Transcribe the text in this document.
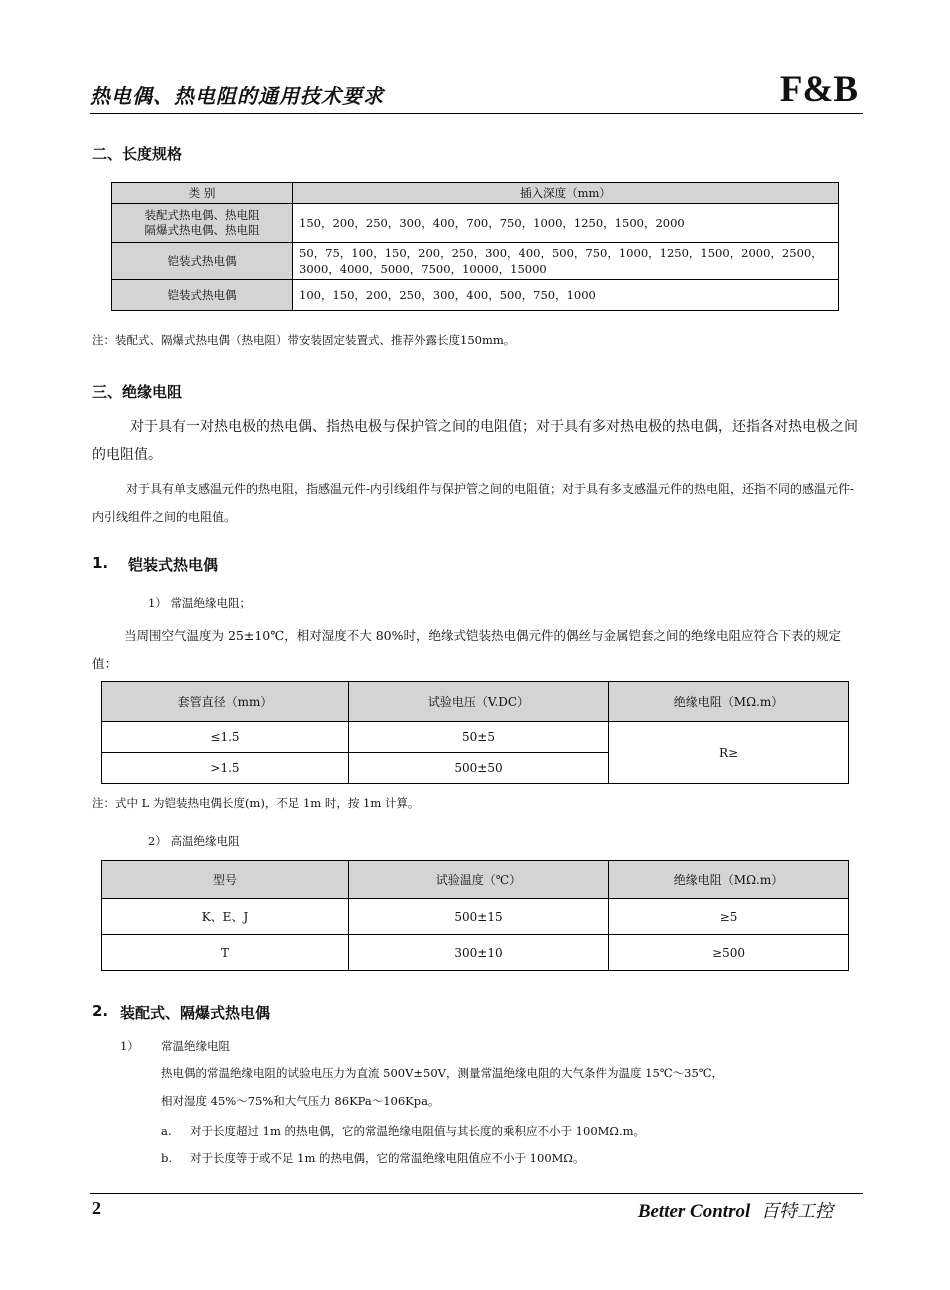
热电偶、热电阻的通用技术要求	F&B
二、长度规格
类 别	插入深度（mm）
装配式热电偶、热电阻
隔爆式热电偶、热电阻	150，200，250，300，400，700，750，1000，1250，1500，2000
铠装式热电偶	50，75，100，150，200，250，300，400，500，750，1000，1250，1500，2000，2500，3000，4000，5000，7500，10000，15000
铠装式热电偶	100，150，200，250，300，400，500，750，1000
注：装配式、隔爆式热电偶（热电阻）带安装固定装置式、推荐外露长度150mm。
三、绝缘电阻
对于具有一对热电极的热电偶、指热电极与保护管之间的电阻值；对于具有多对热电极的热电偶，还指各对热电极之间的电阻值。
对于具有单支感温元件的热电阻，指感温元件-内引线组件与保护管之间的电阻值；对于具有多支感温元件的热电阻，还指不同的感温元件-内引线组件之间的电阻值。
1. 铠装式热电偶
1） 常温绝缘电阻；
当周围空气温度为 25±10℃，相对湿度不大 80%时，绝缘式铠装热电偶元件的偶丝与金属铠套之间的绝缘电阻应符合下表的规定值：
套管直径（mm）	试验电压（V.DC）	绝缘电阻（MΩ.m）
≤1.5	50±5	R≥
>1.5	500±50	
注：式中 L 为铠装热电偶长度(m)，不足 1m 时，按 1m 计算。
2） 高温绝缘电阻
型号	试验温度（℃）	绝缘电阻（MΩ.m）
K、E、J	500±15	≥5
T	300±10	≥500
2. 装配式、隔爆式热电偶
1） 常温绝缘电阻
热电偶的常温绝缘电阻的试验电压力为直流 500V±50V，测量常温绝缘电阻的大气条件为温度 15℃～35℃，
相对湿度 45%～75%和大气压力 86KPa～106Kpa。
a. 对于长度超过 1m 的热电偶，它的常温绝缘电阻值与其长度的乘积应不小于 100MΩ.m。
b. 对于长度等于或不足 1m 的热电偶，它的常温绝缘电阻值应不小于 100MΩ。
2	Better Control 百特工控
